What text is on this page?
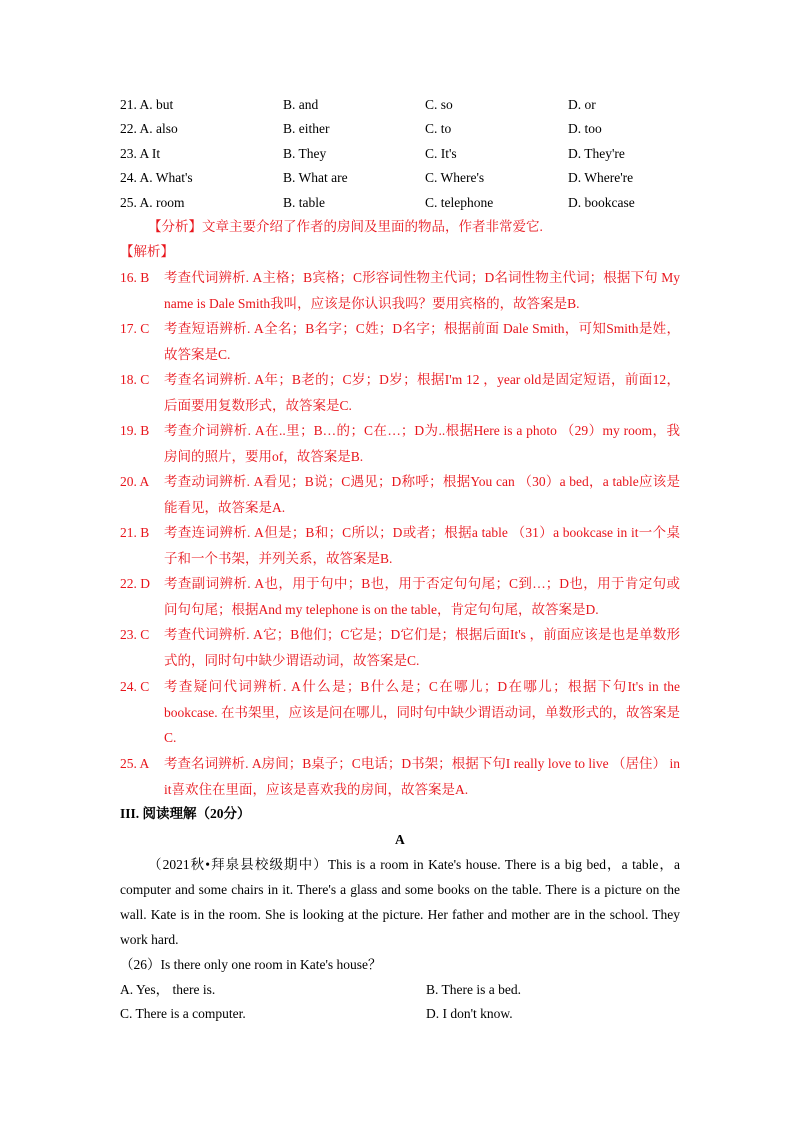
21. A. but	B. and	C. so	D. or
22. A. also	B. either	C. to	D. too
23. A It	B. They	C. It's	D. They're
24. A. What's	B. What are	C. Where's	D. Where're
25. A. room	B. table	C. telephone	D. bookcase
【分析】文章主要介绍了作者的房间及里面的物品，作者非常爱它.
【解析】
16. B 考查代词辨析. A主格；B宾格；C形容词性物主代词；D名词性物主代词；根据下句 My name is Dale Smith我叫，应该是你认识我吗？要用宾格的，故答案是B.
17. C 考查短语辨析. A全名；B名字；C姓；D名字；根据前面 Dale Smith，可知Smith是姓，故答案是C.
18. C 考查名词辨析. A年；B老的；C岁；D岁；根据I'm 12 ，year old是固定短语，前面12，后面要用复数形式，故答案是C.
19. B 考查介词辨析. A在..里；B…的；C在…；D为..根据Here is a photo （29）my room，我房间的照片，要用of，故答案是B.
20. A 考查动词辨析. A看见；B说；C遇见；D称呼；根据You can （30）a bed，a table应该是能看见，故答案是A.
21. B 考查连词辨析. A但是；B和；C所以；D或者；根据a table （31）a bookcase in it一个桌子和一个书架，并列关系，故答案是B.
22. D 考查副词辨析. A也，用于句中；B也，用于否定句句尾；C到…；D也，用于肯定句或问句句尾；根据And my telephone is on the table，肯定句句尾，故答案是D.
23. C 考查代词辨析. A它；B他们；C它是；D它们是；根据后面It's ，前面应该是也是单数形式的，同时句中缺少谓语动词，故答案是C.
24. C 考查疑问代词辨析. A什么是；B什么是；C在哪儿；D在哪儿；根据下句It's in the bookcase. 在书架里，应该是问在哪儿，同时句中缺少谓语动词，单数形式的，故答案是C.
25. A 考查名词辨析. A房间；B桌子；C电话；D书架；根据下句I really love to live （居住） in it喜欢住在里面，应该是喜欢我的房间，故答案是A.
III. 阅读理解（20分）
A
（2021秋•拜泉县校级期中）This is a room in Kate's house. There is a big bed，a table，a computer and some chairs in it. There's a glass and some books on the table. There is a picture on the wall. Kate is in the room. She is looking at the picture. Her father and mother are in the school. They work hard.
（26）Is there only one room in Kate's house？
A. Yes， there is.	B. There is a bed.
C. There is a computer.	D. I don't know.
